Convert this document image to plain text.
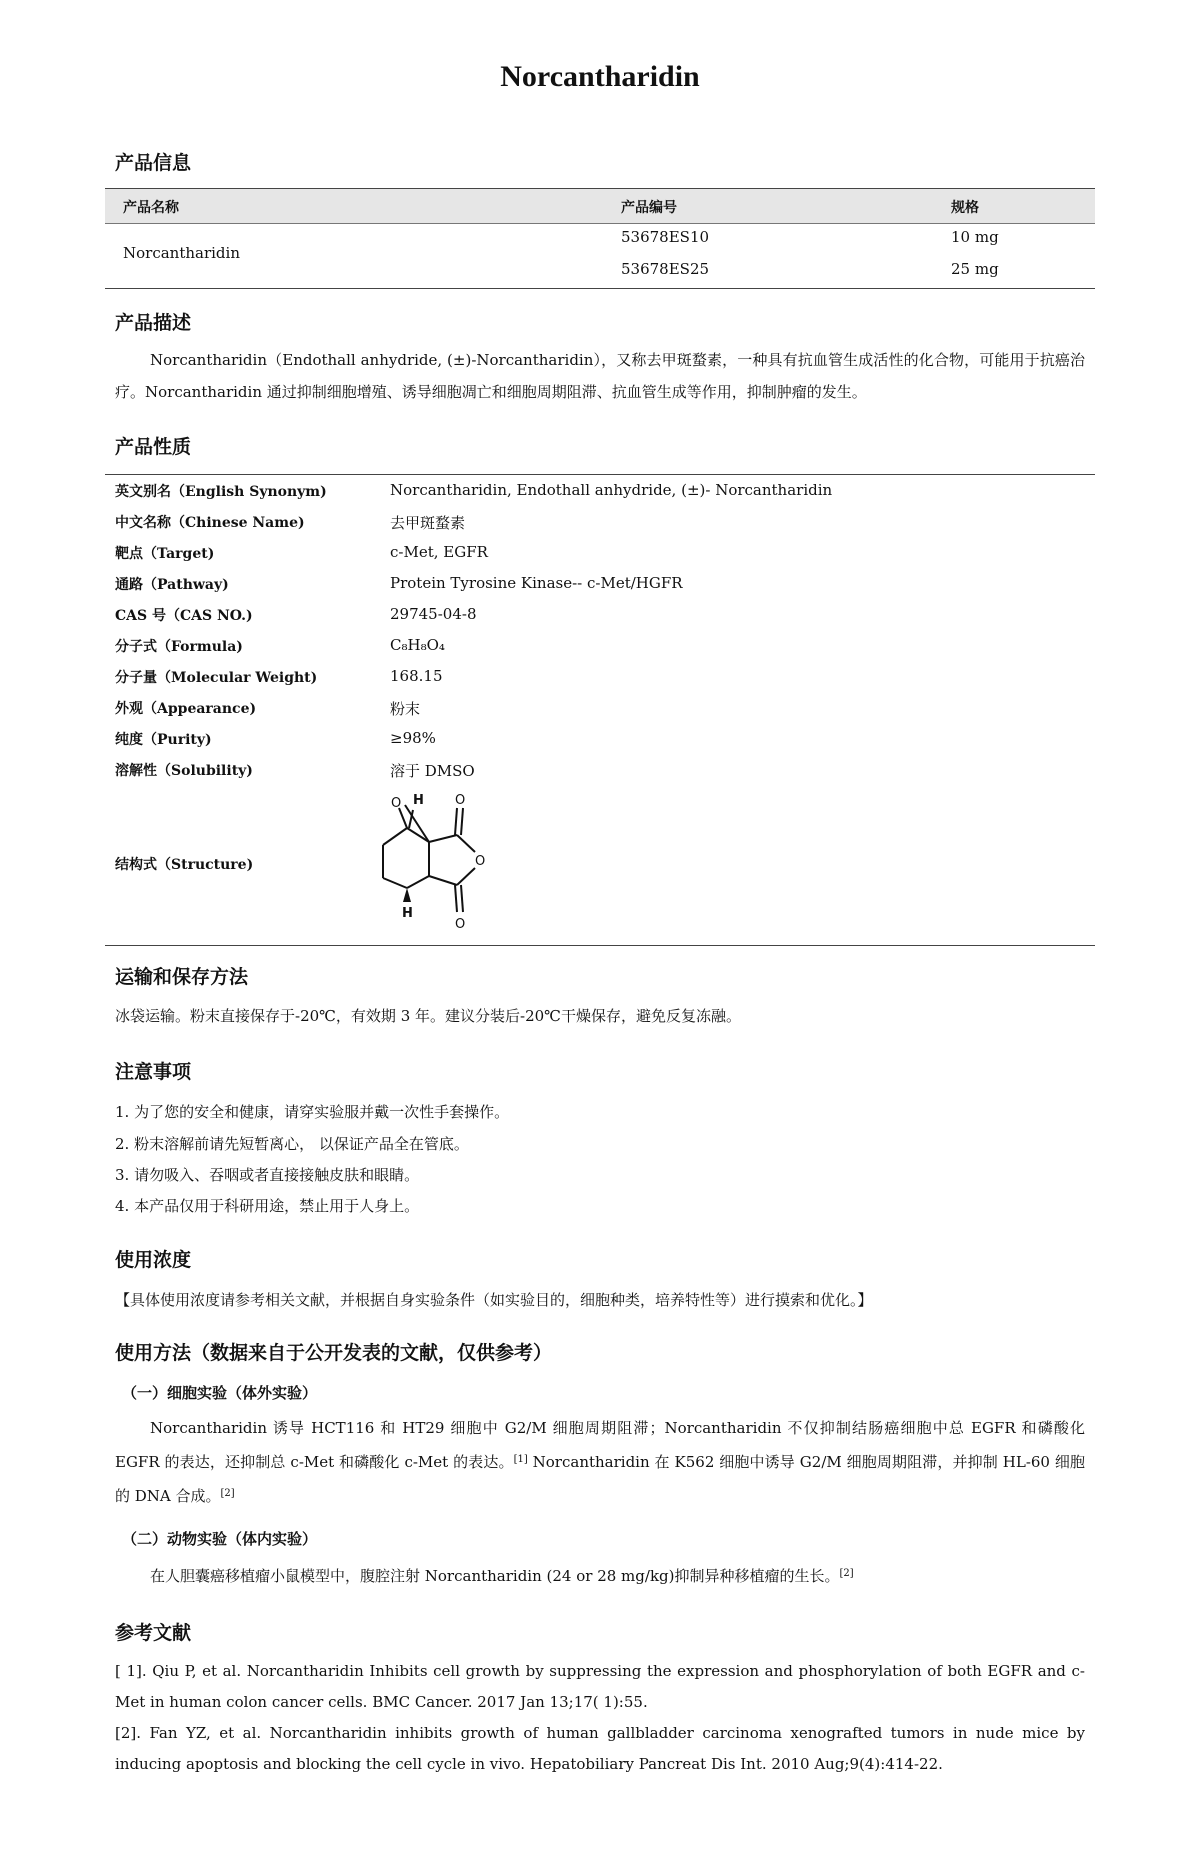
Norcantharidin
产品信息
产品名称	产品编号	规格
Norcantharidin
53678ES10	10 mg
53678ES25	25 mg
产品描述
Norcantharidin（Endothall anhydride, (±)-Norcantharidin），又称去甲斑蝥素，一种具有抗血管生成活性的化合物，可能用于抗癌治疗。Norcantharidin 通过抑制细胞增殖、诱导细胞凋亡和细胞周期阻滞、抗血管生成等作用，抑制肿瘤的发生。
产品性质
英文别名（English Synonym)	Norcantharidin, Endothall anhydride, (±)- Norcantharidin
中文名称（Chinese Name)	去甲斑蝥素
靶点（Target)	c-Met, EGFR
通路（Pathway)	Protein Tyrosine Kinase-- c-Met/HGFR
CAS 号（CAS NO.)	29745-04-8
分子式（Formula)	C₈H₈O₄
分子量（Molecular Weight)	168.15
外观（Appearance)	粉末
纯度（Purity)	≥98%
溶解性（Solubility)	溶于 DMSO
结构式（Structure)
O H
H
O
O
O
运输和保存方法
冰袋运输。粉末直接保存于-20℃，有效期 3 年。建议分装后-20℃干燥保存，避免反复冻融。
注意事项
1. 为了您的安全和健康，请穿实验服并戴一次性手套操作。
2. 粉末溶解前请先短暂离心， 以保证产品全在管底。
3. 请勿吸入、吞咽或者直接接触皮肤和眼睛。
4. 本产品仅用于科研用途，禁止用于人身上。
使用浓度
【具体使用浓度请参考相关文献，并根据自身实验条件（如实验目的，细胞种类，培养特性等）进行摸索和优化。】
使用方法（数据来自于公开发表的文献，仅供参考）
（一）细胞实验（体外实验）
Norcantharidin 诱导 HCT116 和 HT29 细胞中 G2/M 细胞周期阻滞；Norcantharidin 不仅抑制结肠癌细胞中总 EGFR 和磷酸化 EGFR 的表达，还抑制总 c-Met 和磷酸化 c-Met 的表达。[1] Norcantharidin 在 K562 细胞中诱导 G2/M 细胞周期阻滞，并抑制 HL-60 细胞的 DNA 合成。[2]
（二）动物实验（体内实验）
在人胆囊癌移植瘤小鼠模型中，腹腔注射 Norcantharidin (24 or 28 mg/kg)抑制异种移植瘤的生长。[2]
参考文献
[ 1]. Qiu P, et al. Norcantharidin Inhibits cell growth by suppressing the expression and phosphorylation of both EGFR and c-Met in human colon cancer cells. BMC Cancer. 2017 Jan 13;17( 1):55.
[2]. Fan YZ, et al. Norcantharidin inhibits growth of human gallbladder carcinoma xenografted tumors in nude mice by inducing apoptosis and blocking the cell cycle in vivo. Hepatobiliary Pancreat Dis Int. 2010 Aug;9(4):414-22.
